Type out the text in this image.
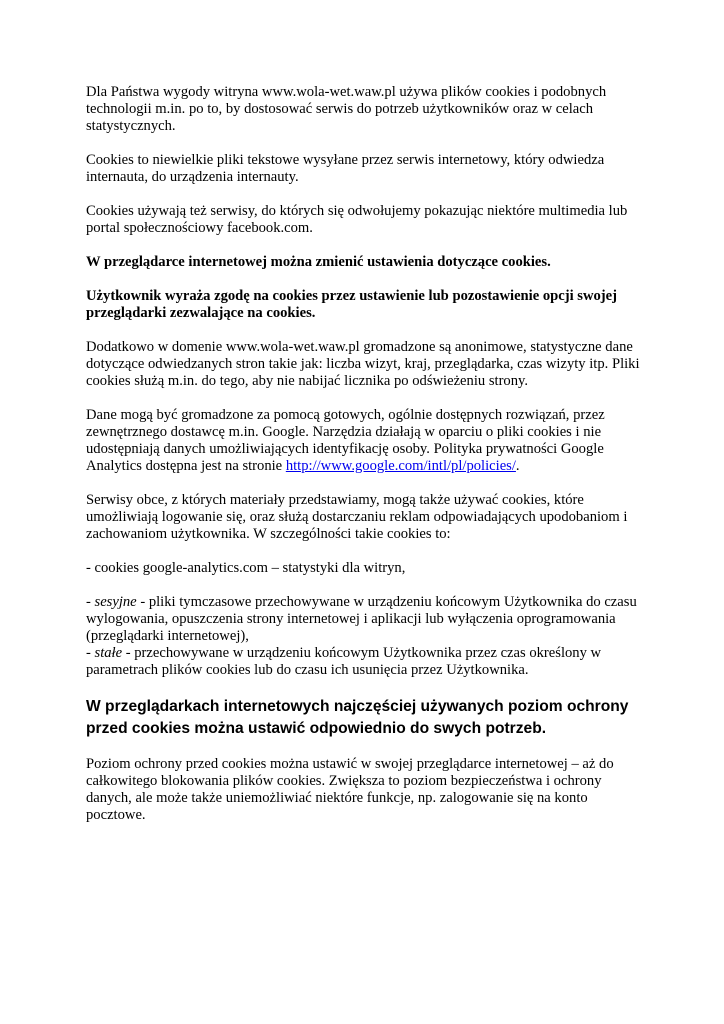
Dla Państwa wygody witryna www.wola-wet.waw.pl używa plików cookies i podobnych technologii m.in. po to, by dostosować serwis do potrzeb użytkowników oraz w celach statystycznych.

Cookies to niewielkie pliki tekstowe wysyłane przez serwis internetowy, który odwiedza internauta, do urządzenia internauty.

Cookies używają też serwisy, do których się odwołujemy pokazując niektóre multimedia lub portal społecznościowy facebook.com.

W przeglądarce internetowej można zmienić ustawienia dotyczące cookies.

Użytkownik wyraża zgodę na cookies przez ustawienie lub pozostawienie opcji swojej przeglądarki zezwalające na cookies.

Dodatkowo w domenie www.wola-wet.waw.pl gromadzone są anonimowe, statystyczne dane dotyczące odwiedzanych stron takie jak: liczba wizyt, kraj, przeglądarka, czas wizyty itp. Pliki cookies służą m.in. do tego, aby nie nabijać licznika po odświeżeniu strony.

Dane mogą być gromadzone za pomocą gotowych, ogólnie dostępnych rozwiązań, przez zewnętrznego dostawcę m.in. Google. Narzędzia działają w oparciu o pliki cookies i nie udostępniają danych umożliwiających identyfikację osoby. Polityka prywatności Google Analytics dostępna jest na stronie http://www.google.com/intl/pl/policies/.

Serwisy obce, z których materiały przedstawiamy, mogą także używać cookies, które umożliwiają logowanie się, oraz służą dostarczaniu reklam odpowiadających upodobaniom i zachowaniom użytkownika. W szczególności takie cookies to:

- cookies google-analytics.com – statystyki dla witryn,

- sesyjne - pliki tymczasowe przechowywane w urządzeniu końcowym Użytkownika do czasu wylogowania, opuszczenia strony internetowej i aplikacji lub wyłączenia oprogramowania (przeglądarki internetowej),

- stałe - przechowywane w urządzeniu końcowym Użytkownika przez czas określony w parametrach plików cookies lub do czasu ich usunięcia przez Użytkownika.

W przeglądarkach internetowych najczęściej używanych poziom ochrony przed cookies można ustawić odpowiednio do swych potrzeb.

Poziom ochrony przed cookies można ustawić w swojej przeglądarce internetowej – aż do całkowitego blokowania plików cookies. Zwiększa to poziom bezpieczeństwa i ochrony danych, ale może także uniemożliwiać niektóre funkcje, np. zalogowanie się na konto pocztowe.
